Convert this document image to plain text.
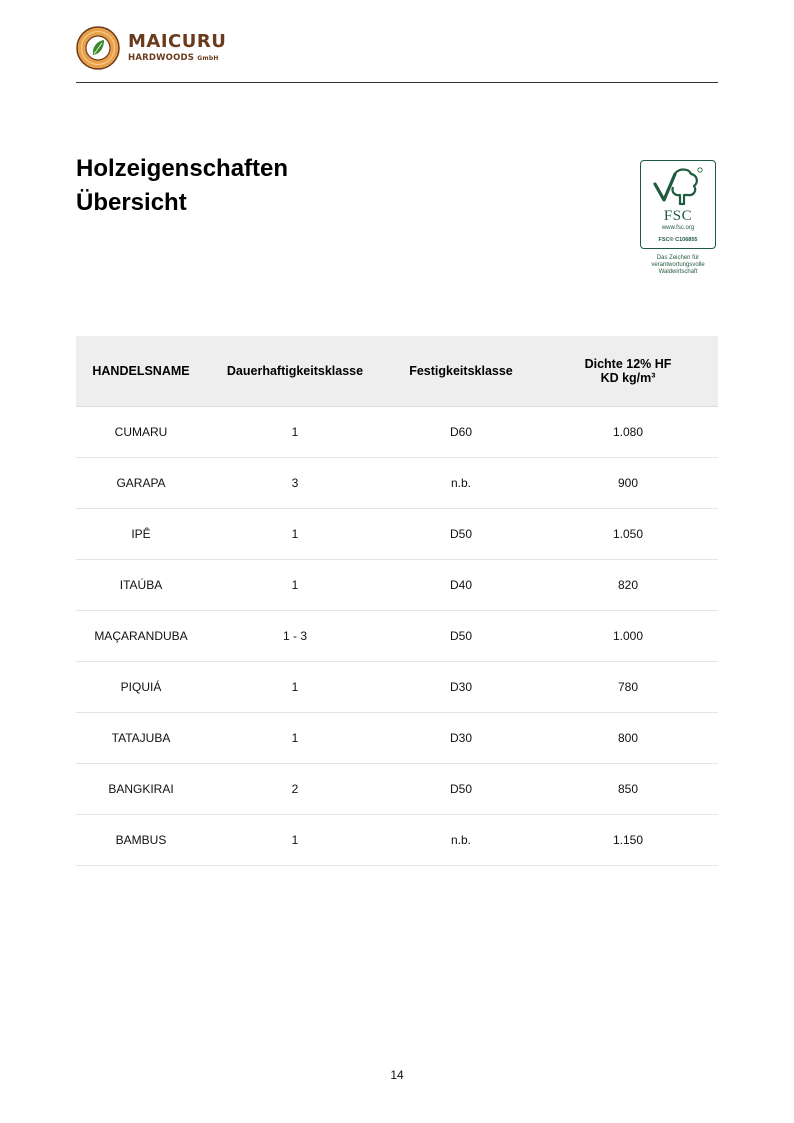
MAICURU
HARDWOODS GmbH
Holzeigenschaften
Übersicht	FSC
www.fsc.org
FSC® C106855
Das Zeichen für
verantwortungsvolle
Waldwirtschaft
HANDELSNAME	Dauerhaftigkeitsklasse	Festigkeitsklasse	Dichte 12% HF
KD kg/m³

CUMARU	1	D60	1.080
GARAPA	3	n.b.	900
IPÊ	1	D50	1.050
ITAÚBA	1	D40	820
MAÇARANDUBA	1 - 3	D50	1.000
PIQUIÁ	1	D30	780
TATAJUBA	1	D30	800
BANGKIRAI	2	D50	850
BAMBUS	1	n.b.	1.150
14
